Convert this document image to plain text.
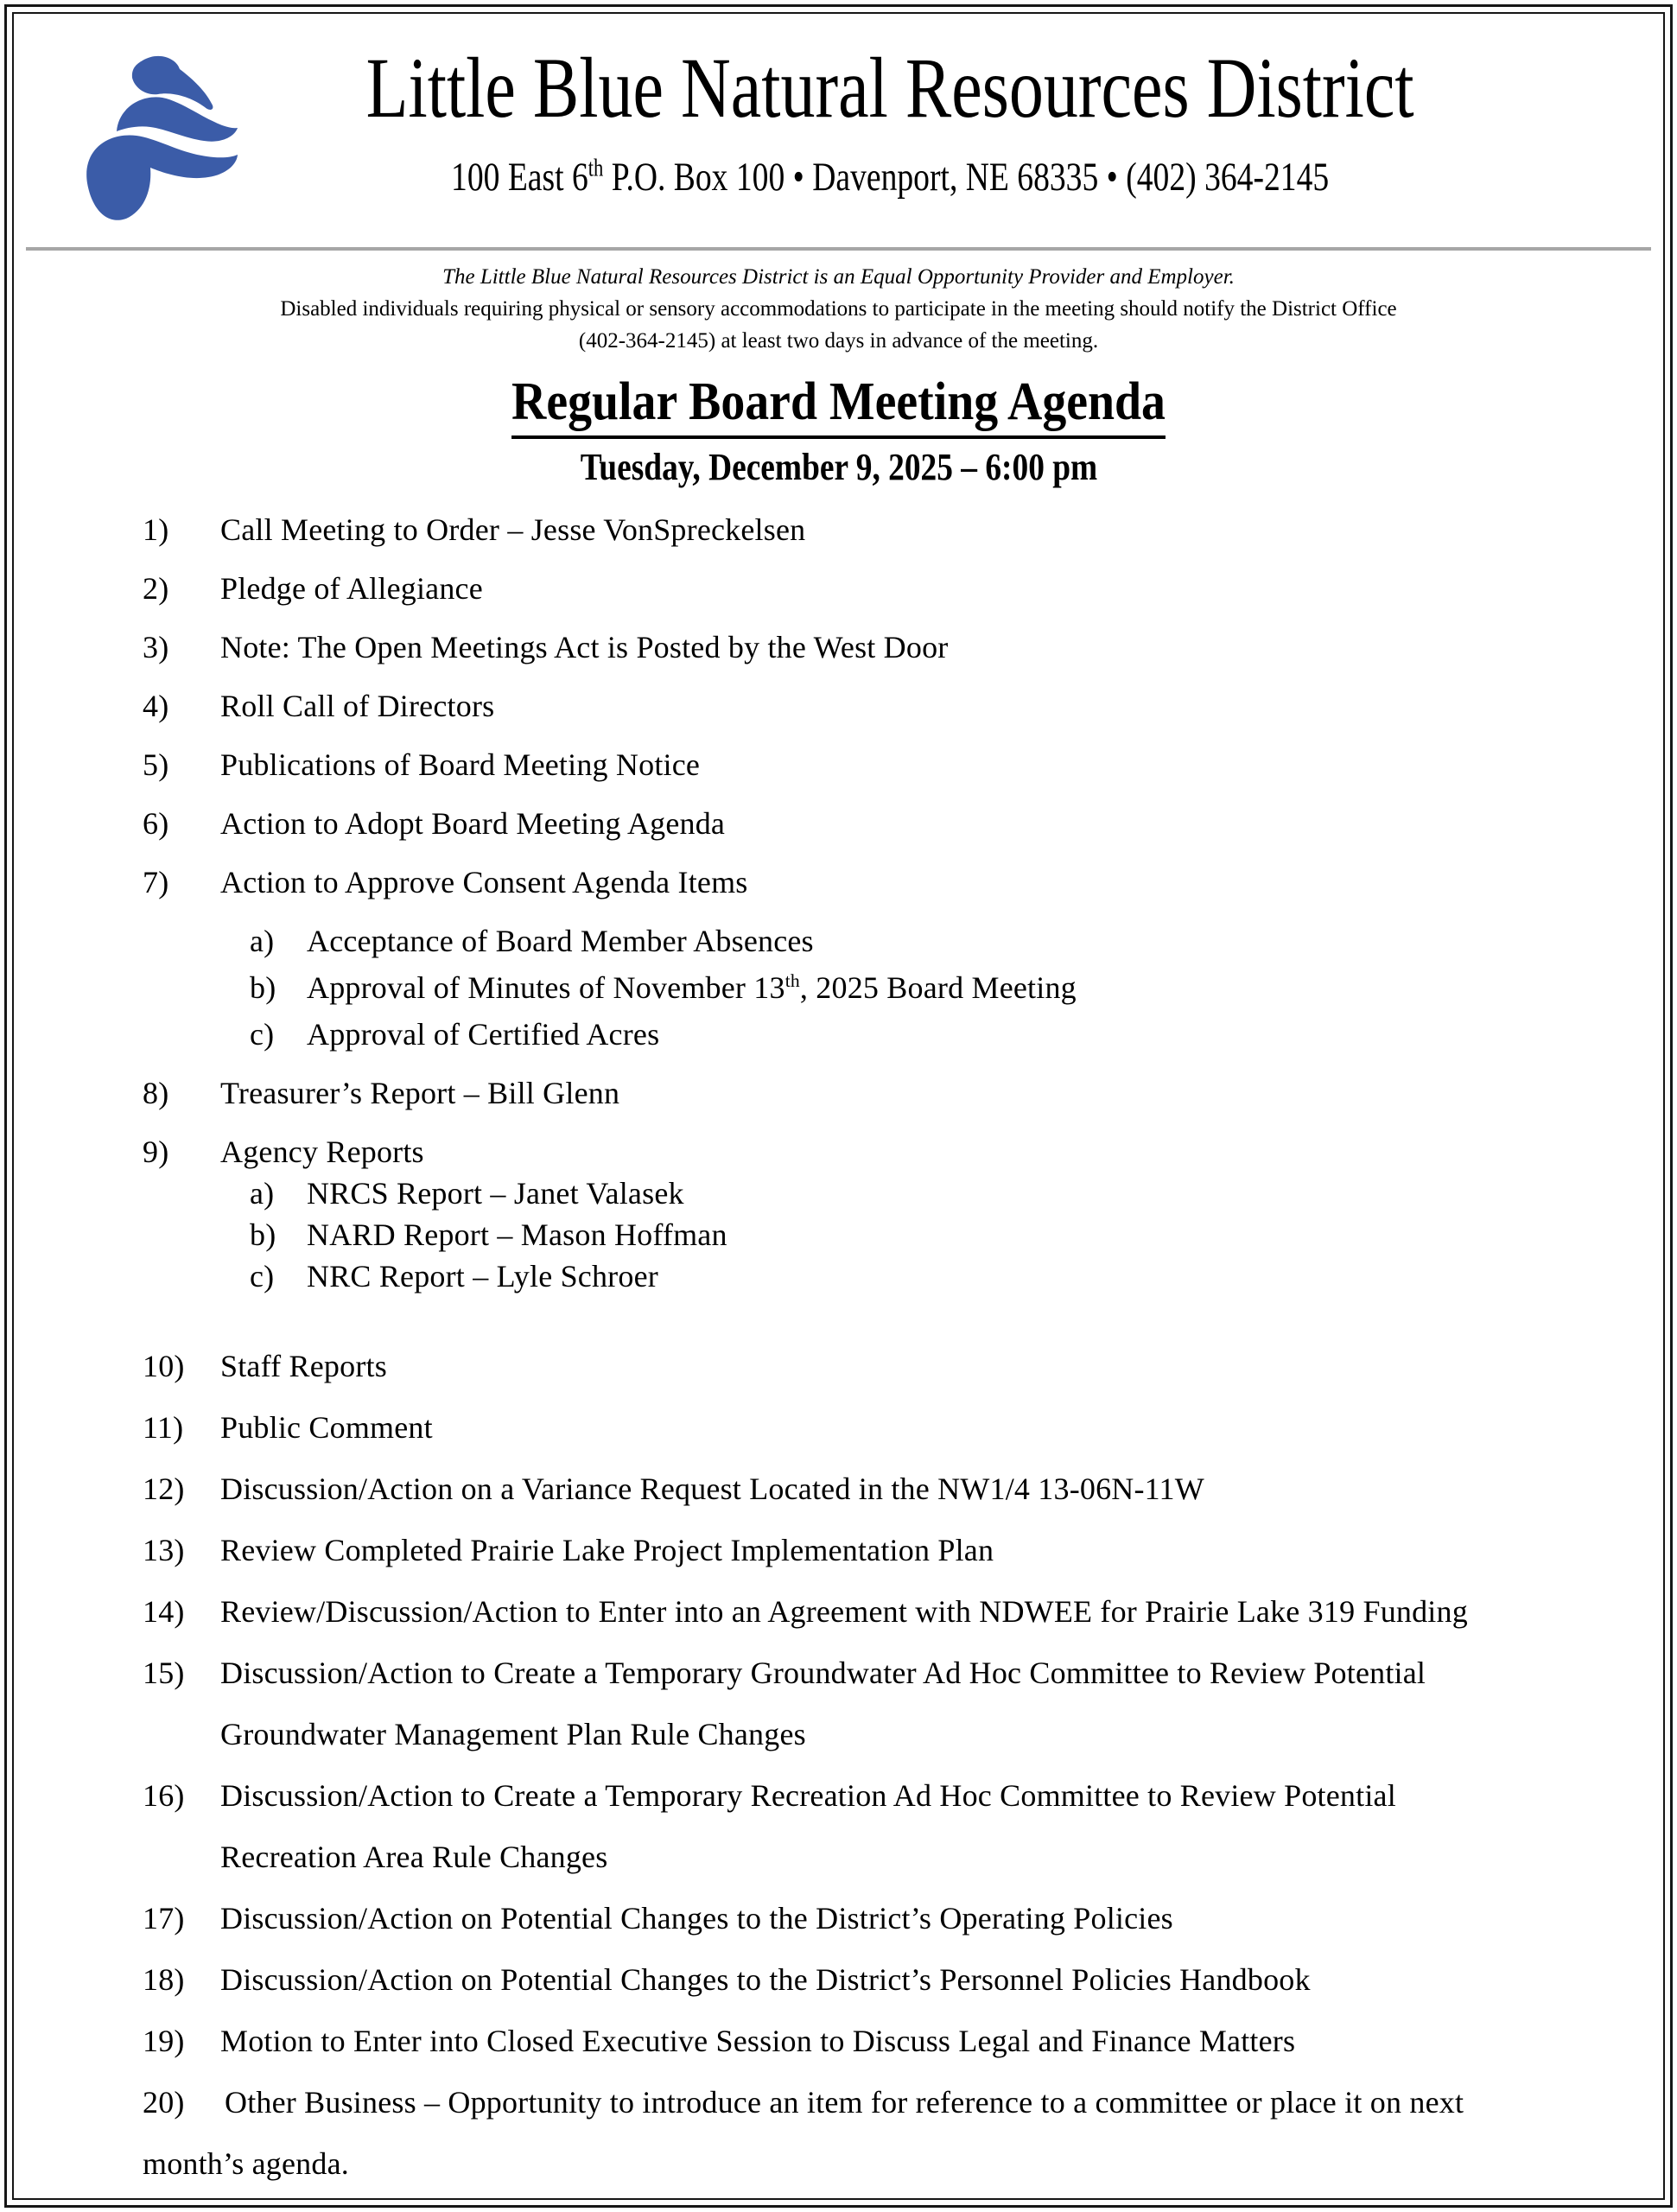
Little Blue Natural Resources District
100 East 6th P.O. Box 100 • Davenport, NE 68335 • (402) 364-2145
The Little Blue Natural Resources District is an Equal Opportunity Provider and Employer.
Disabled individuals requiring physical or sensory accommodations to participate in the meeting should notify the District Office
(402-364-2145) at least two days in advance of the meeting.
Regular Board Meeting Agenda
Tuesday, December 9, 2025 – 6:00 pm
1) Call Meeting to Order – Jesse VonSpreckelsen
2) Pledge of Allegiance
3) Note: The Open Meetings Act is Posted by the West Door
4) Roll Call of Directors
5) Publications of Board Meeting Notice
6) Action to Adopt Board Meeting Agenda
7) Action to Approve Consent Agenda Items
a) Acceptance of Board Member Absences
b) Approval of Minutes of November 13th, 2025 Board Meeting
c) Approval of Certified Acres
8) Treasurer’s Report – Bill Glenn
9) Agency Reports
a) NRCS Report – Janet Valasek
b) NARD Report – Mason Hoffman
c) NRC Report – Lyle Schroer
10) Staff Reports
11) Public Comment
12) Discussion/Action on a Variance Request Located in the NW1/4 13-06N-11W
13) Review Completed Prairie Lake Project Implementation Plan
14) Review/Discussion/Action to Enter into an Agreement with NDWEE for Prairie Lake 319 Funding
15) Discussion/Action to Create a Temporary Groundwater Ad Hoc Committee to Review Potential
Groundwater Management Plan Rule Changes
16) Discussion/Action to Create a Temporary Recreation Ad Hoc Committee to Review Potential
Recreation Area Rule Changes
17) Discussion/Action on Potential Changes to the District’s Operating Policies
18) Discussion/Action on Potential Changes to the District’s Personnel Policies Handbook
19) Motion to Enter into Closed Executive Session to Discuss Legal and Finance Matters
20) Other Business – Opportunity to introduce an item for reference to a committee or place it on next
month’s agenda.
